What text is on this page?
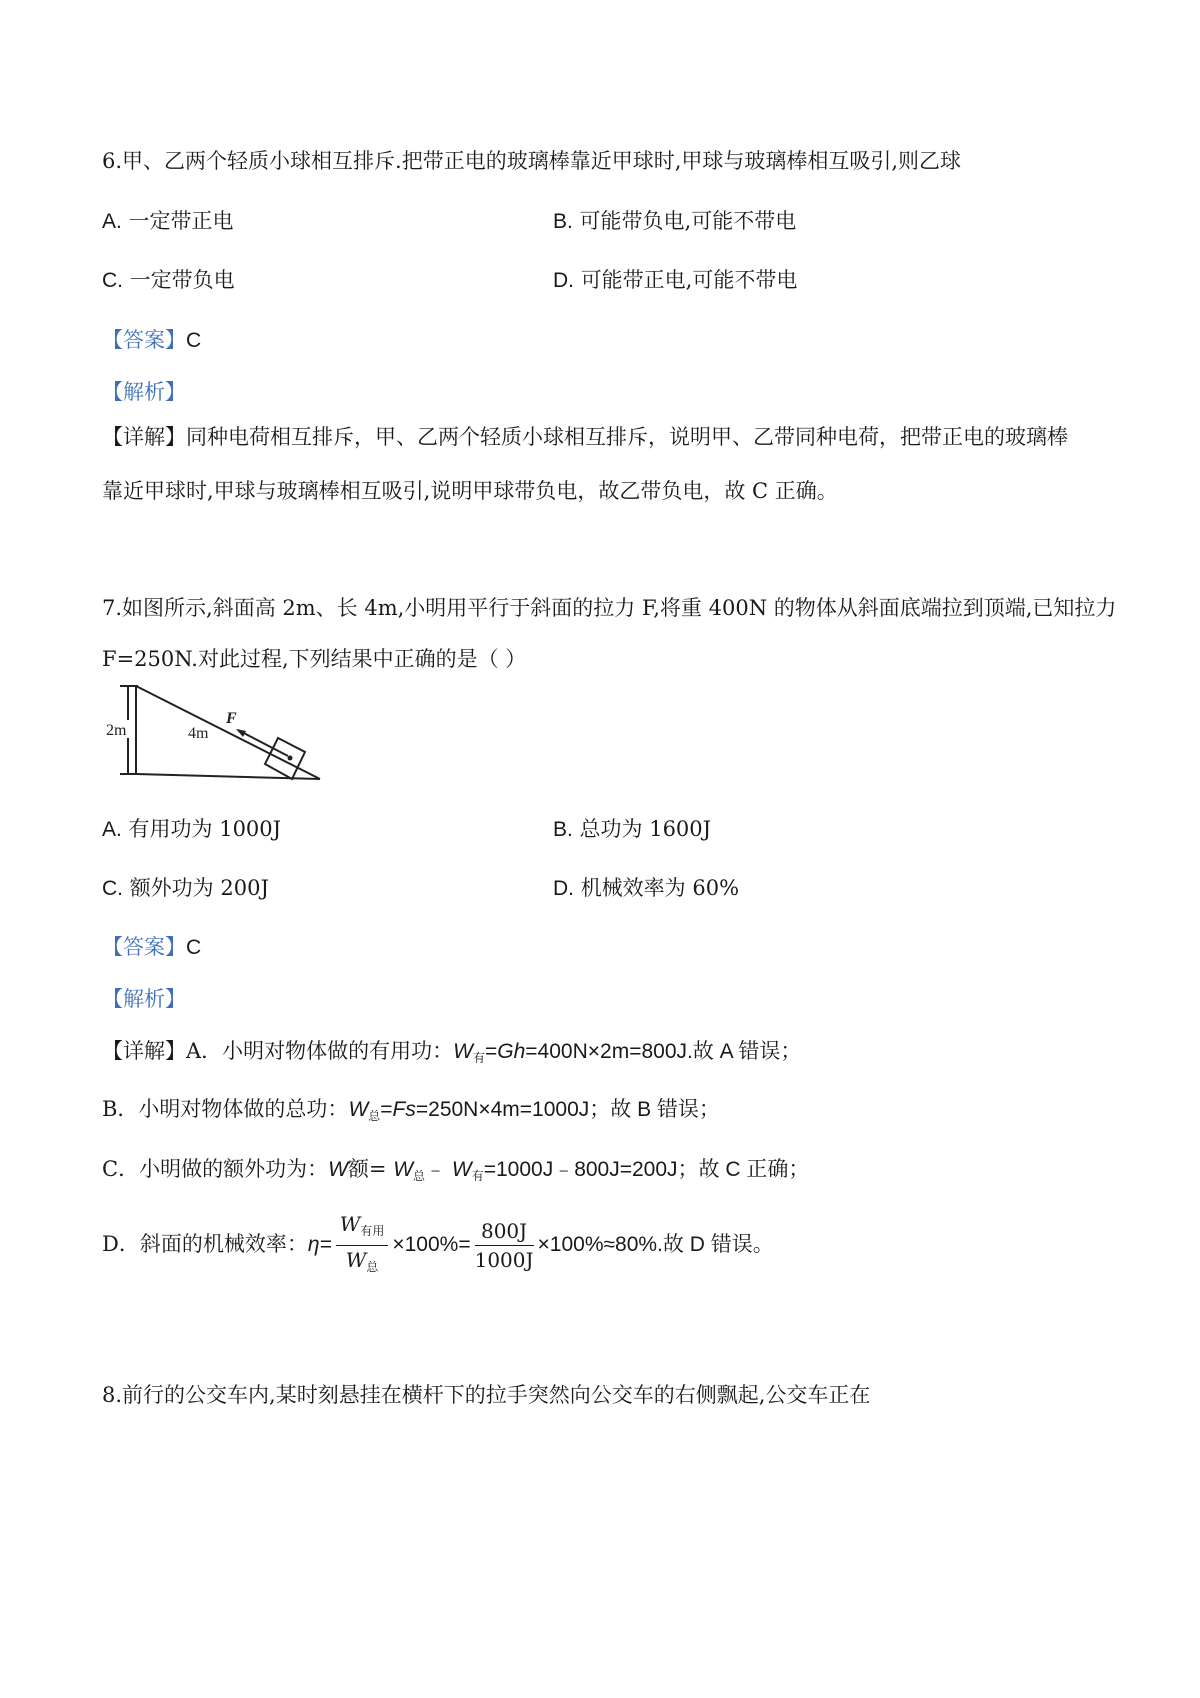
6.甲、乙两个轻质小球相互排斥.把带正电的玻璃棒靠近甲球时,甲球与玻璃棒相互吸引,则乙球
A. 一定带正电	B. 可能带负电,可能不带电
C. 一定带负电	D. 可能带正电,可能不带电
【答案】C
【解析】
【详解】同种电荷相互排斥，甲、乙两个轻质小球相互排斥，说明甲、乙带同种电荷，把带正电的玻璃棒
靠近甲球时,甲球与玻璃棒相互吸引,说明甲球带负电，故乙带负电，故 C 正确。
7.如图所示,斜面高 2m、长 4m,小明用平行于斜面的拉力 F,将重 400N 的物体从斜面底端拉到顶端,已知拉力
F=250N.对此过程,下列结果中正确的是（ ）
2m	4m
F
A. 有用功为 1000J	B. 总功为 1600J
C. 额外功为 200J	D. 机械效率为 60%
【答案】C
【解析】
【详解】A．小明对物体做的有用功：$W_有=Gh=400N\times 2m=800J$.故 A 错误；
B．小明对物体做的总功：$W_总=Fs=250N\times 4m=1000J$；故 B 错误；
C．小明做的额外功为：W额= $W_总﹣$ $W_有=1000J﹣800J=200J$；故 C 正确；
D．斜面的机械效率：$\eta= \frac{W_{有用}}{W_总} \times 100\%= \frac{800J}{1000J} \times 100\%\approx 80\%$.故 D 错误。
8.前行的公交车内,某时刻悬挂在横杆下的拉手突然向公交车的右侧飘起,公交车正在
